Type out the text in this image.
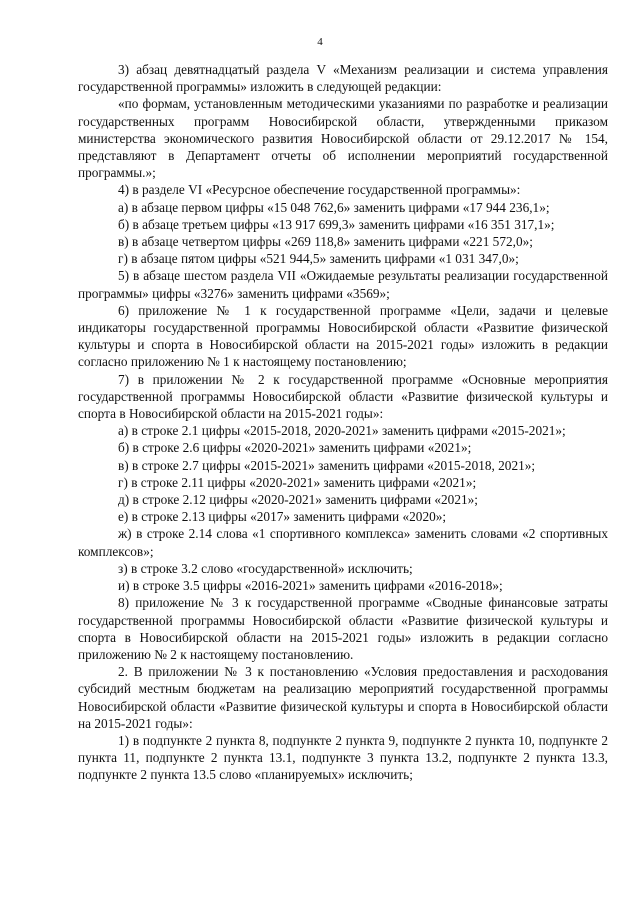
4

3) абзац девятнадцатый раздела V «Механизм реализации и система управления государственной программы» изложить в следующей редакции:

«по формам, установленным методическими указаниями по разработке и реализации государственных программ Новосибирской области, утвержденными приказом министерства экономического развития Новосибирской области от 29.12.2017 № 154, представляют в Департамент отчеты об исполнении мероприятий государственной программы.»;

4) в разделе VI «Ресурсное обеспечение государственной программы»:

а) в абзаце первом цифры «15 048 762,6» заменить цифрами «17 944 236,1»;

б) в абзаце третьем цифры «13 917 699,3» заменить цифрами «16 351 317,1»;

в) в абзаце четвертом цифры «269 118,8» заменить цифрами «221 572,0»;

г) в абзаце пятом цифры «521 944,5» заменить цифрами «1 031 347,0»;

5) в абзаце шестом раздела VII «Ожидаемые результаты реализации государственной программы» цифры «3276» заменить цифрами «3569»;

6) приложение № 1 к государственной программе «Цели, задачи и целевые индикаторы государственной программы Новосибирской области «Развитие физической культуры и спорта в Новосибирской области на 2015-2021 годы» изложить в редакции согласно приложению № 1 к настоящему постановлению;

7) в приложении № 2 к государственной программе «Основные мероприятия государственной программы Новосибирской области «Развитие физической культуры и спорта в Новосибирской области на 2015-2021 годы»:

а) в строке 2.1 цифры «2015-2018, 2020-2021» заменить цифрами «2015-2021»;

б) в строке 2.6 цифры «2020-2021» заменить цифрами «2021»;

в) в строке 2.7 цифры «2015-2021» заменить цифрами «2015-2018, 2021»;

г) в строке 2.11 цифры «2020-2021» заменить цифрами «2021»;

д) в строке 2.12 цифры «2020-2021» заменить цифрами «2021»;

е) в строке 2.13 цифры «2017» заменить цифрами «2020»;

ж) в строке 2.14 слова «1 спортивного комплекса» заменить словами «2 спортивных комплексов»;

з) в строке 3.2 слово «государственной» исключить;

и) в строке 3.5 цифры «2016-2021» заменить цифрами «2016-2018»;

8) приложение № 3 к государственной программе «Сводные финансовые затраты государственной программы Новосибирской области «Развитие физической культуры и спорта в Новосибирской области на 2015-2021 годы» изложить в редакции согласно приложению № 2 к настоящему постановлению.

2. В приложении № 3 к постановлению «Условия предоставления и расходования субсидий местным бюджетам на реализацию мероприятий государственной программы Новосибирской области «Развитие физической культуры и спорта в Новосибирской области на 2015-2021 годы»:

1) в подпункте 2 пункта 8, подпункте 2 пункта 9, подпункте 2 пункта 10, подпункте 2 пункта 11, подпункте 2 пункта 13.1, подпункте 3 пункта 13.2, подпункте 2 пункта 13.3, подпункте 2 пункта 13.5 слово «планируемых» исключить;
